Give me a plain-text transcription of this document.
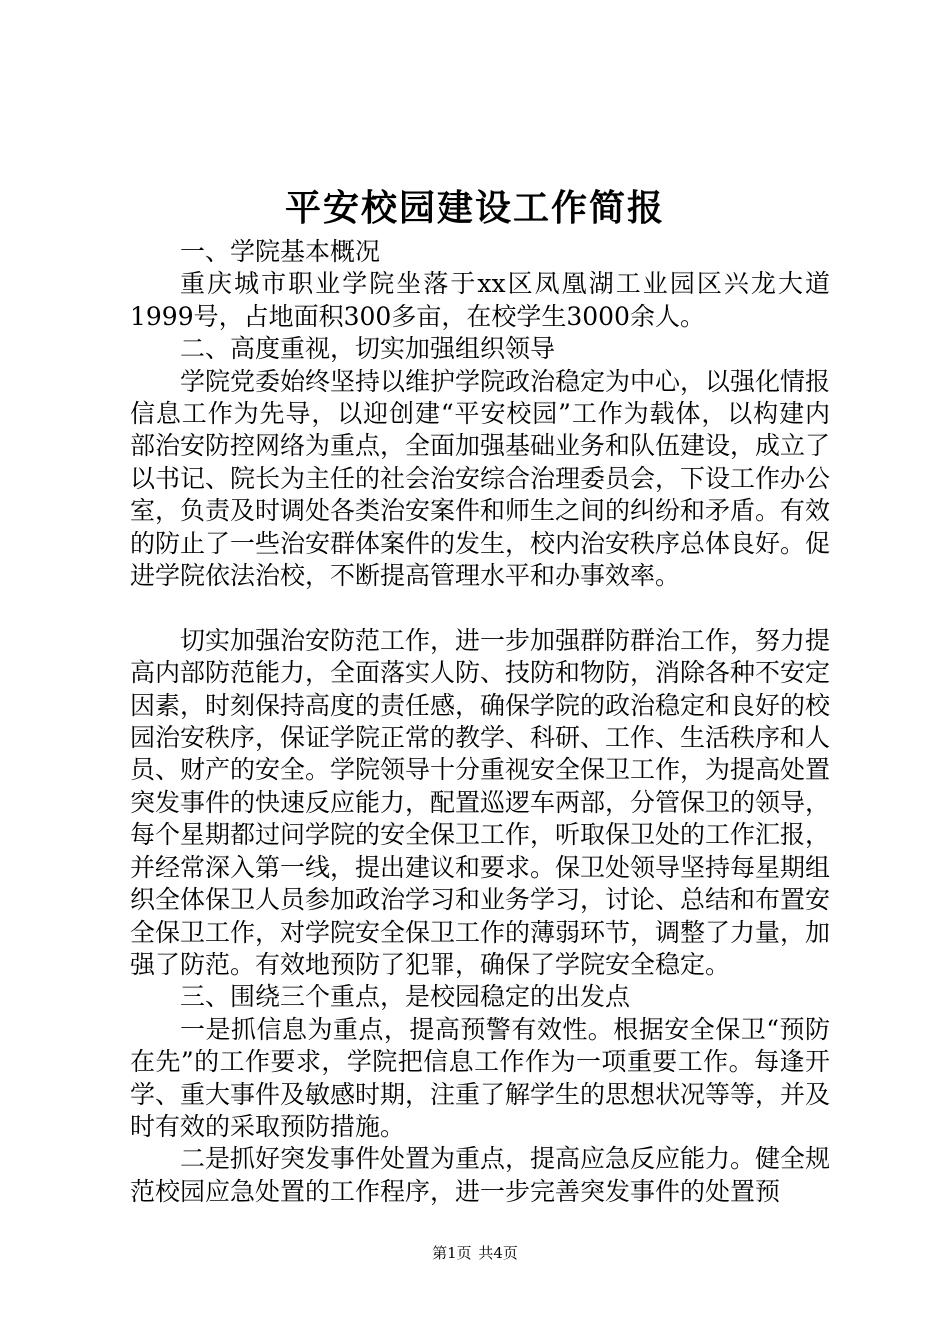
平安校园建设工作简报

一、学院基本概况

重庆城市职业学院坐落于xx区凤凰湖工业园区兴龙大道1999号，占地面积300多亩，在校学生3000余人。

二、高度重视，切实加强组织领导

学院党委始终坚持以维护学院政治稳定为中心，以强化情报信息工作为先导，以迎创建“平安校园”工作为载体，以构建内部治安防控网络为重点，全面加强基础业务和队伍建设，成立了以书记、院长为主任的社会治安综合治理委员会，下设工作办公室，负责及时调处各类治安案件和师生之间的纠纷和矛盾。有效的防止了一些治安群体案件的发生，校内治安秩序总体良好。促进学院依法治校，不断提高管理水平和办事效率。

切实加强治安防范工作，进一步加强群防群治工作，努力提高内部防范能力，全面落实人防、技防和物防，消除各种不安定因素，时刻保持高度的责任感，确保学院的政治稳定和良好的校园治安秩序，保证学院正常的教学、科研、工作、生活秩序和人员、财产的安全。学院领导十分重视安全保卫工作，为提高处置突发事件的快速反应能力，配置巡逻车两部，分管保卫的领导，每个星期都过问学院的安全保卫工作，听取保卫处的工作汇报，并经常深入第一线，提出建议和要求。保卫处领导坚持每星期组织全体保卫人员参加政治学习和业务学习，讨论、总结和布置安全保卫工作，对学院安全保卫工作的薄弱环节，调整了力量，加强了防范。有效地预防了犯罪，确保了学院安全稳定。

三、围绕三个重点，是校园稳定的出发点

一是抓信息为重点，提高预警有效性。根据安全保卫“预防在先”的工作要求，学院把信息工作作为一项重要工作。每逢开学、重大事件及敏感时期，注重了解学生的思想状况等等，并及时有效的采取预防措施。

二是抓好突发事件处置为重点，提高应急反应能力。健全规范校园应急处置的工作程序，进一步完善突发事件的处置预

第1页 共4页
